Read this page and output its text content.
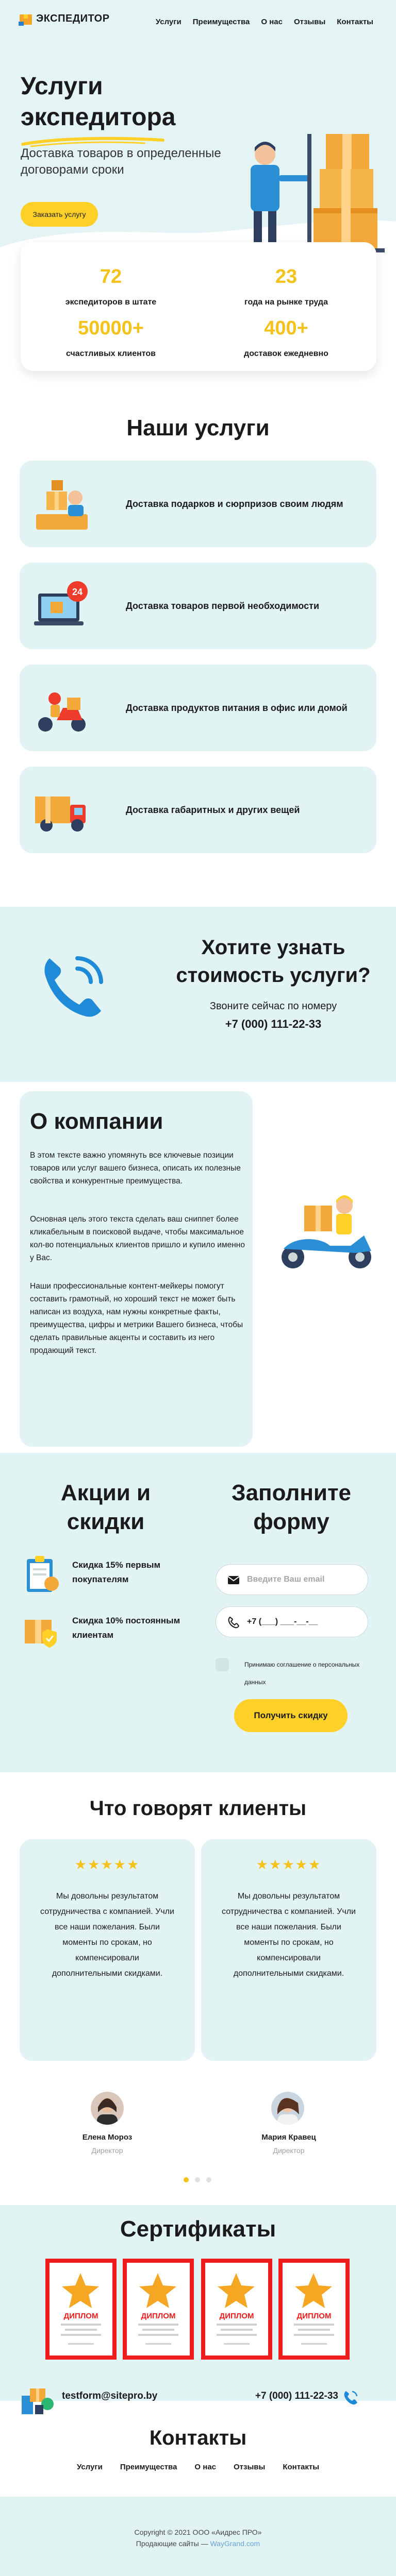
ЭКСПЕДИТОР	Услуги Преимущества О нас Отзывы Контакты
Услуги
экспедитора
Доставка товаров в определенные договорами сроки
Заказать услугу
72
экспедиторов в штате
23
года на рынке труда
50000+
счастливых клиентов
400+
доставок ежедневно
Наши услуги
Доставка подарков и сюрпризов своим людям
24
Доставка товаров первой необходимости
Доставка продуктов питания в офис или домой
Доставка габаритных и других вещей
Хотите узнать
стоимость услуги?
Звоните сейчас по номеру
+7 (000) 111-22-33
О компании
В этом тексте важно упомянуть все ключевые позиции товаров или услуг вашего бизнеса, описать их полезные свойства и конкурентные преимущества.
Основная цель этого текста сделать ваш сниппет более кликабельным в поисковой выдаче, чтобы максимальное кол-во потенциальных клиентов пришло и купило именно у Вас.
Наши профессиональные контент-мейкеры помогут составить грамотный, но хороший текст не может быть написан из воздуха, нам нужны конкретные факты, преимущества, цифры и метрики Вашего бизнеса, чтобы сделать правильные акценты и составить из него продающий текст.
Акции и
скидки
Заполните
форму
Скидка 15% первым покупателям
Скидка 10% постоянным клиентам
Введите Ваш email
+7 (___) ___-__-__
Принимаю соглашение о персональных данных
Получить скидку
Что говорят клиенты
★★★★★
Мы довольны результатом сотрудничества с компанией. Учли все наши пожелания. Были моменты по срокам, но компенсировали дополнительными скидками.
★★★★★
Мы довольны результатом сотрудничества с компанией. Учли все наши пожелания. Были моменты по срокам, но компенсировали дополнительными скидками.
Елена Мороз
Директор
Мария Кравец
Директор
Сертификаты
ДИПЛОМ	ДИПЛОМ	ДИПЛОМ	ДИПЛОМ
Контакты
testform@sitepro.by	+7 (000) 111-22-33
Услуги Преимущества О нас Отзывы Контакты
Copyright © 2021 ООО «Аидрес ПРО»
Продающие сайты — WayGrand.com
